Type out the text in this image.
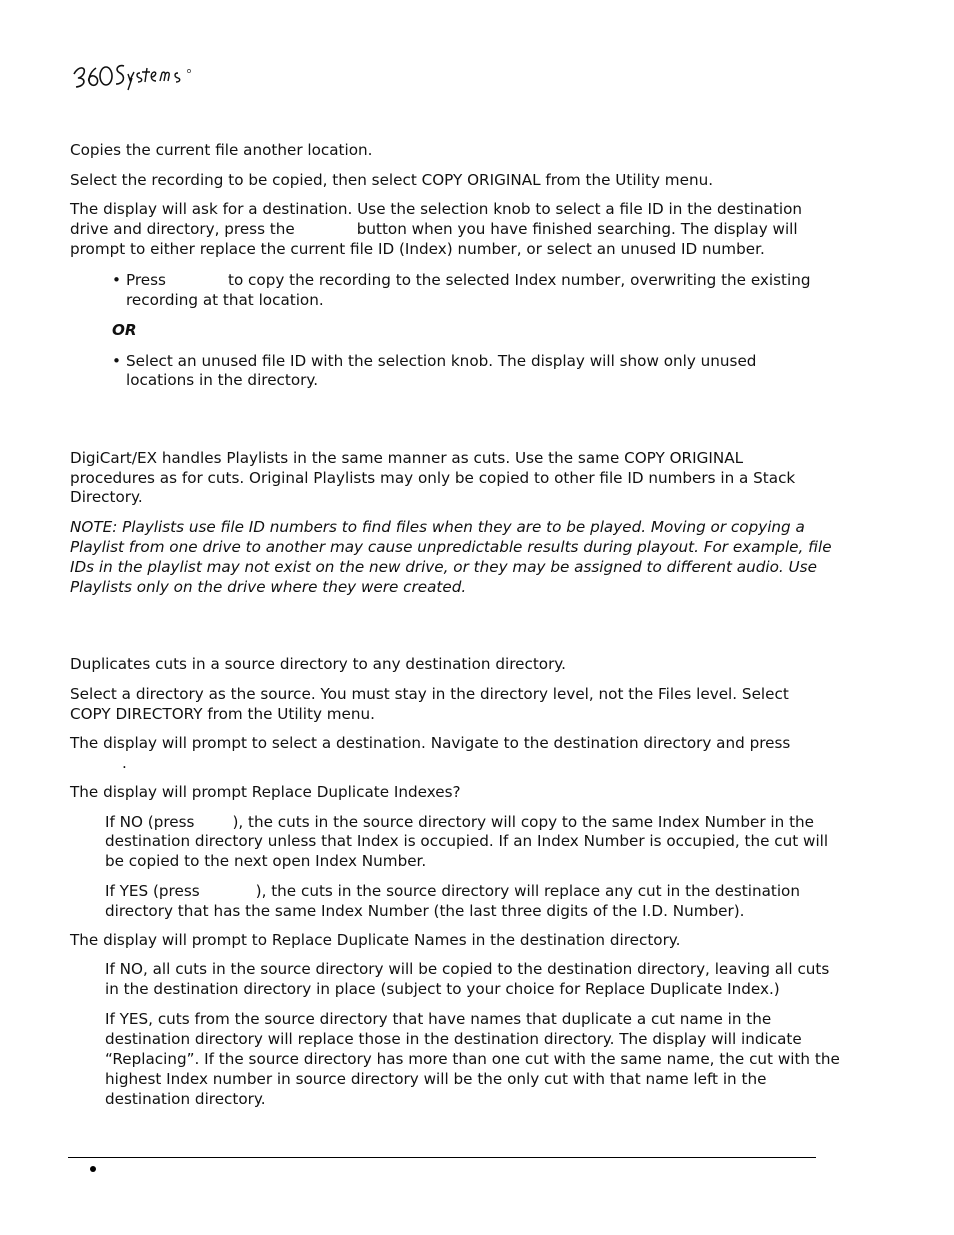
Copies the current file another location.
Select the recording to be copied, then select COPY ORIGINAL from the Utility menu.
The display will ask for a destination. Use the selection knob to select a file ID in the destination
drive and directory, press the	button when you have finished searching. The display will
prompt to either replace the current file ID (Index) number, or select an unused ID number.
• Press	to copy the recording to the selected Index number, overwriting the existing
recording at that location.
OR
• Select an unused file ID with the selection knob. The display will show only unused
locations in the directory.
DigiCart/EX handles Playlists in the same manner as cuts. Use the same COPY ORIGINAL
procedures as for cuts. Original Playlists may only be copied to other file ID numbers in a Stack
Directory.
NOTE: Playlists use file ID numbers to find files when they are to be played. Moving or copying a
Playlist from one drive to another may cause unpredictable results during playout. For example, file
IDs in the playlist may not exist on the new drive, or they may be assigned to different audio. Use
Playlists only on the drive where they were created.
Duplicates cuts in a source directory to any destination directory.
Select a directory as the source. You must stay in the directory level, not the Files level. Select
COPY DIRECTORY from the Utility menu.
The display will prompt to select a destination. Navigate to the destination directory and press
.
The display will prompt Replace Duplicate Indexes?
If NO (press	), the cuts in the source directory will copy to the same Index Number in the
destination directory unless that Index is occupied. If an Index Number is occupied, the cut will
be copied to the next open Index Number.
If YES (press	), the cuts in the source directory will replace any cut in the destination
directory that has the same Index Number (the last three digits of the I.D. Number).
The display will prompt to Replace Duplicate Names in the destination directory.
If NO, all cuts in the source directory will be copied to the destination directory, leaving all cuts
in the destination directory in place (subject to your choice for Replace Duplicate Index.)
If YES, cuts from the source directory that have names that duplicate a cut name in the
destination directory will replace those in the destination directory. The display will indicate
“Replacing”. If the source directory has more than one cut with the same name, the cut with the
highest Index number in source directory will be the only cut with that name left in the
destination directory.
